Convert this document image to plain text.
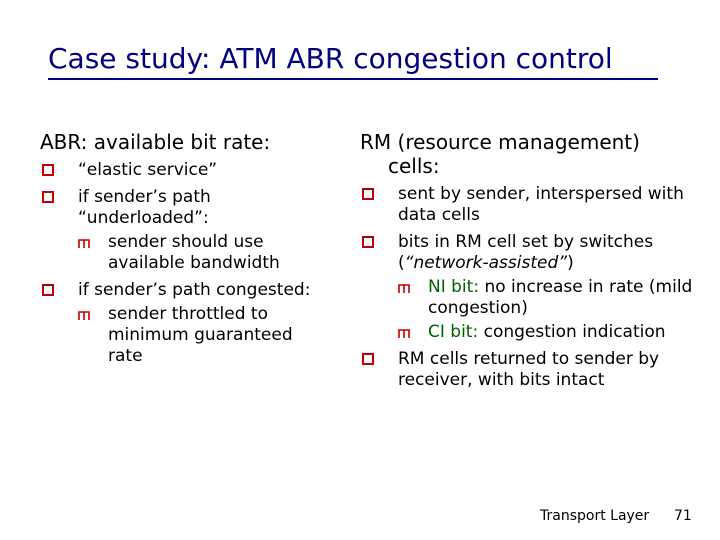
Case study: ATM ABR congestion control
ABR: available bit rate:
“elastic service”
if sender’s path “underloaded”:
sender should use available bandwidth
if sender’s path congested:
sender throttled to minimum guaranteed rate
RM (resource management)
cells:
sent by sender, interspersed with data cells
bits in RM cell set by switches (“network-assisted”)
NI bit: no increase in rate (mild congestion)
CI bit: congestion indication
RM cells returned to sender by receiver, with bits intact
Transport Layer 71
